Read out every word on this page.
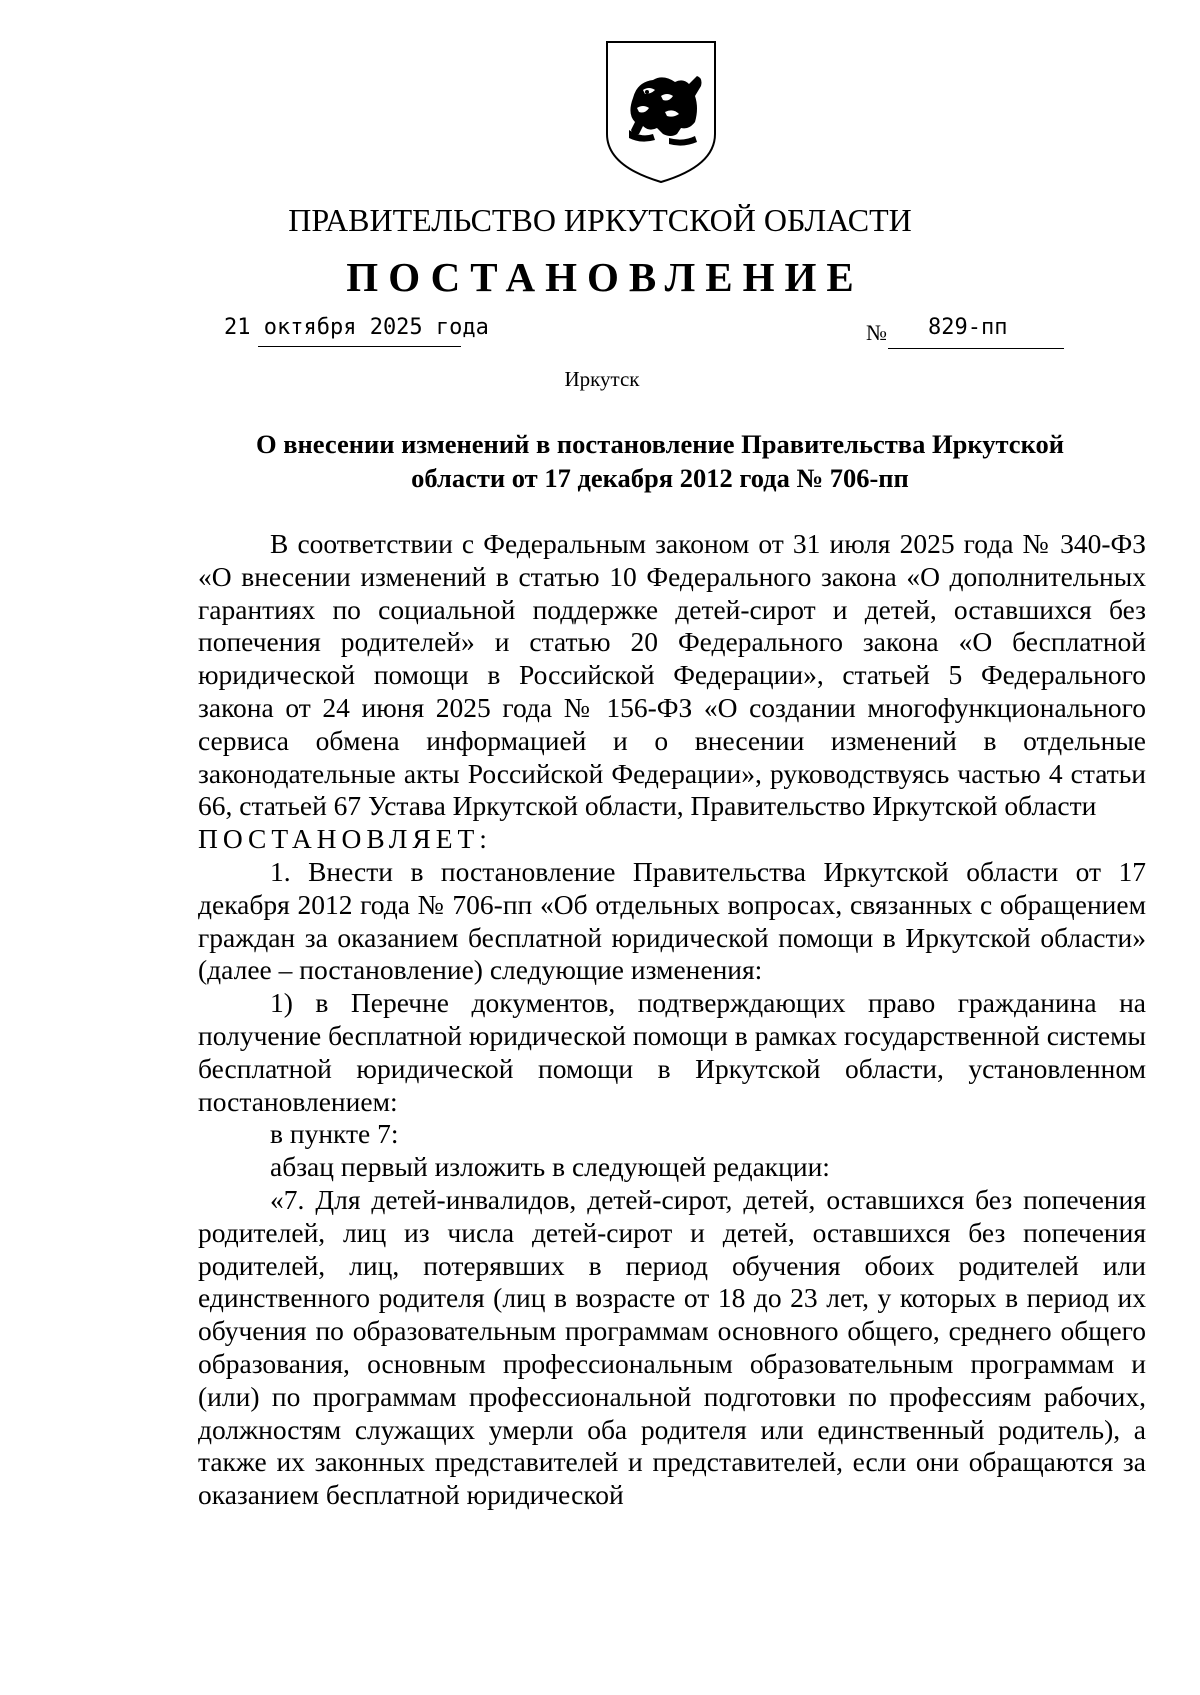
ПРАВИТЕЛЬСТВО ИРКУТСКОЙ ОБЛАСТИ
ПОСТАНОВЛЕНИЕ
21 октября 2025 года	№ 829-пп
Иркутск
О внесении изменений в постановление Правительства Иркутской
области от 17 декабря 2012 года № 706-пп

В соответствии с Федеральным законом от 31 июля 2025 года № 340-ФЗ «О внесении изменений в статью 10 Федерального закона «О дополнительных гарантиях по социальной поддержке детей-сирот и детей, оставшихся без попечения родителей» и статью 20 Федерального закона «О бесплатной юридической помощи в Российской Федерации», статьей 5 Федерального закона от 24 июня 2025 года № 156-ФЗ «О создании многофункционального сервиса обмена информацией и о внесении изменений в отдельные законодательные акты Российской Федерации», руководствуясь частью 4 статьи 66, статьей 67 Устава Иркутской области, Правительство Иркутской области

ПОСТАНОВЛЯЕТ:

1. Внести в постановление Правительства Иркутской области от 17 декабря 2012 года № 706-пп «Об отдельных вопросах, связанных с обращением граждан за оказанием бесплатной юридической помощи в Иркутской области» (далее – постановление) следующие изменения:

1) в Перечне документов, подтверждающих право гражданина на получение бесплатной юридической помощи в рамках государственной системы бесплатной юридической помощи в Иркутской области, установленном постановлением:

в пункте 7:

абзац первый изложить в следующей редакции:

«7. Для детей-инвалидов, детей-сирот, детей, оставшихся без попечения родителей, лиц из числа детей-сирот и детей, оставшихся без попечения родителей, лиц, потерявших в период обучения обоих родителей или единственного родителя (лиц в возрасте от 18 до 23 лет, у которых в период их обучения по образовательным программам основного общего, среднего общего образования, основным профессиональным образовательным программам и (или) по программам профессиональной подготовки по профессиям рабочих, должностям служащих умерли оба родителя или единственный родитель), а также их законных представителей и представителей, если они обращаются за оказанием бесплатной юридической
